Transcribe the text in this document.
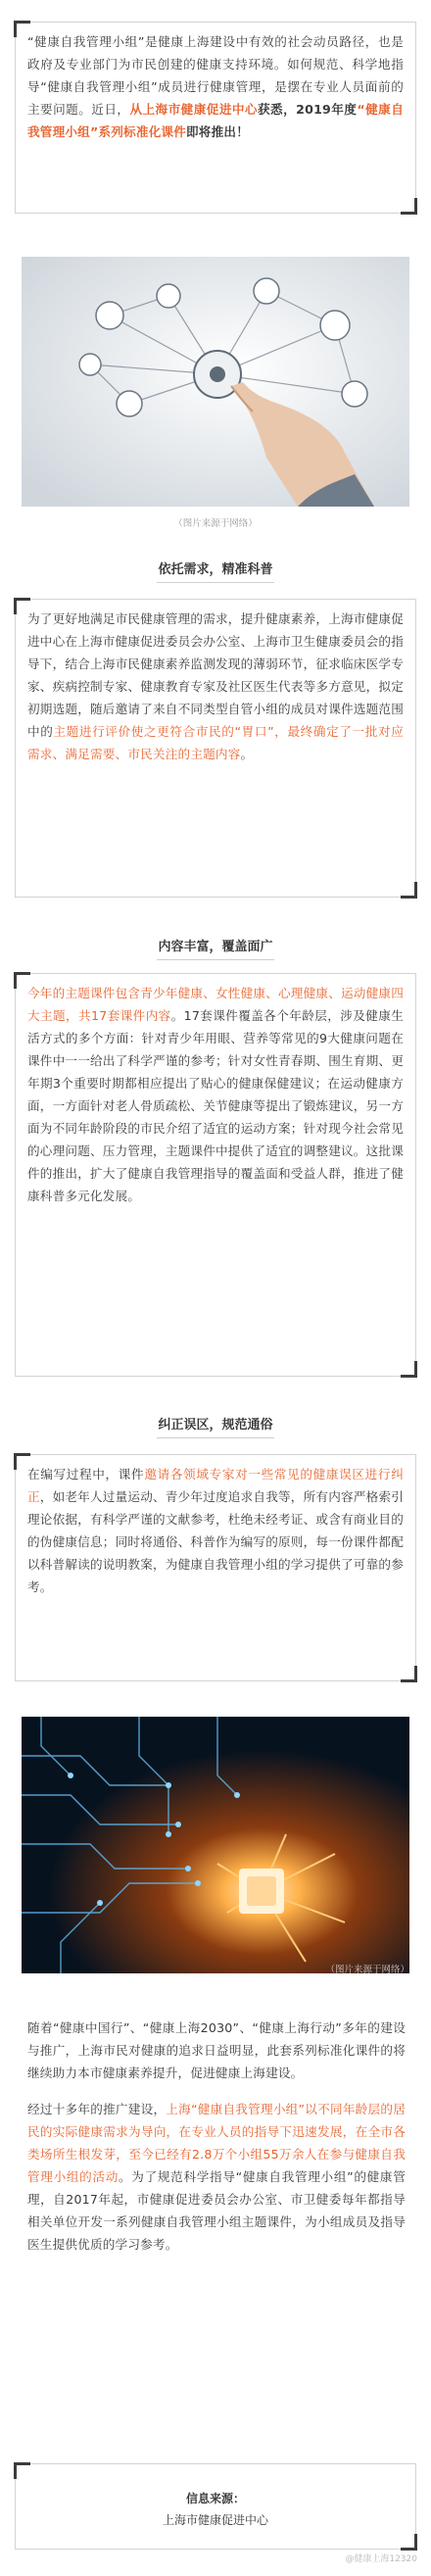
“健康自我管理小组”是健康上海建设中有效的社会动员路径，也是政府及专业部门为市民创建的健康支持环境。如何规范、科学地指导“健康自我管理小组”成员进行健康管理，是摆在专业人员面前的主要问题。近日，从上海市健康促进中心获悉，2019年度“健康自我管理小组”系列标准化课件即将推出！

（图片来源于网络）
依托需求，精准科普

为了更好地满足市民健康管理的需求，提升健康素养，上海市健康促进中心在上海市健康促进委员会办公室、上海市卫生健康委员会的指导下，结合上海市民健康素养监测发现的薄弱环节，征求临床医学专家、疾病控制专家、健康教育专家及社区医生代表等多方意见，拟定初期选题，随后邀请了来自不同类型自管小组的成员对课件选题范围中的主题进行评价使之更符合市民的“胃口”，最终确定了一批对应需求、满足需要、市民关注的主题内容。

内容丰富，覆盖面广

今年的主题课件包含青少年健康、女性健康、心理健康、运动健康四大主题，共17套课件内容。17套课件覆盖各个年龄层，涉及健康生活方式的多个方面：针对青少年用眼、营养等常见的9大健康问题在课件中一一给出了科学严谨的参考；针对女性青春期、围生育期、更年期3个重要时期都相应提出了贴心的健康保健建议；在运动健康方面，一方面针对老人骨质疏松、关节健康等提出了锻炼建议，另一方面为不同年龄阶段的市民介绍了适宜的运动方案；针对现今社会常见的心理问题、压力管理，主题课件中提供了适宜的调整建议。这批课件的推出，扩大了健康自我管理指导的覆盖面和受益人群，推进了健康科普多元化发展。

纠正误区，规范通俗

在编写过程中，课件邀请各领域专家对一些常见的健康误区进行纠正，如老年人过量运动、青少年过度追求自我等，所有内容严格索引理论依据，有科学严谨的文献参考，杜绝未经考证、或含有商业目的的伪健康信息；同时将通俗、科普作为编写的原则，每一份课件都配以科普解读的说明教案，为健康自我管理小组的学习提供了可靠的参考。

（图片来源于网络）

随着“健康中国行”、“健康上海2030”、“健康上海行动”多年的建设与推广，上海市民对健康的追求日益明显，此套系列标准化课件的将继续助力本市健康素养提升，促进健康上海建设。

经过十多年的推广建设，上海“健康自我管理小组”以不同年龄层的居民的实际健康需求为导向，在专业人员的指导下迅速发展，在全市各类场所生根发芽，至今已经有2.8万个小组55万余人在参与健康自我管理小组的活动。为了规范科学指导“健康自我管理小组”的健康管理，自2017年起，市健康促进委员会办公室、市卫健委每年都指导相关单位开发一系列健康自我管理小组主题课件，为小组成员及指导医生提供优质的学习参考。

信息来源：
上海市健康促进中心
@健康上海12320
